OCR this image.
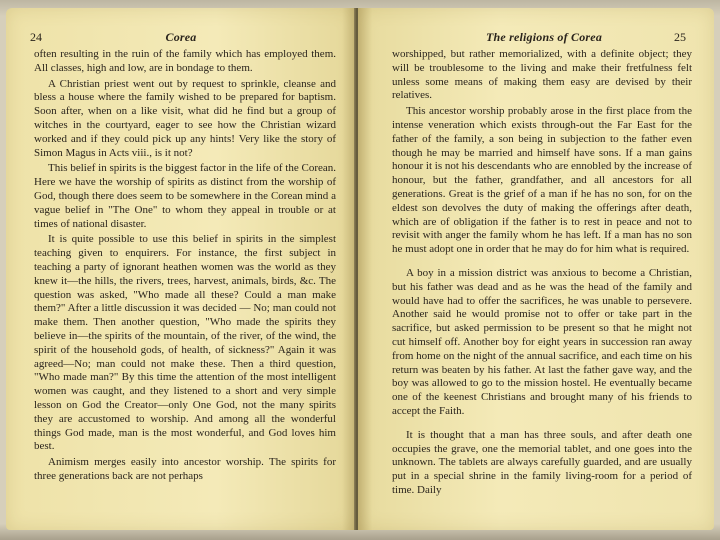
24	Corea

often resulting in the ruin of the family which has employed them. All classes, high and low, are in bondage to them.

A Christian priest went out by request to sprinkle, cleanse and bless a house where the family wished to be prepared for baptism. Soon after, when on a like visit, what did he find but a group of witches in the courtyard, eager to see how the Christian wizard worked and if they could pick up any hints! Very like the story of Simon Magus in Acts viii., is it not?

This belief in spirits is the biggest factor in the life of the Corean. Here we have the worship of spirits as distinct from the worship of God, though there does seem to be somewhere in the Corean mind a vague belief in "The One" to whom they appeal in trouble or at times of national disaster.

It is quite possible to use this belief in spirits in the simplest teaching given to enquirers. For instance, the first subject in teaching a party of ignorant heathen women was the world as they knew it—the hills, the rivers, trees, harvest, animals, birds, &c. The question was asked, "Who made all these? Could a man make them?" After a little discussion it was decided — No; man could not make them. Then another question, "Who made the spirits they believe in—the spirits of the mountain, of the river, of the wind, the spirit of the household gods, of health, of sickness?" Again it was agreed—No; man could not make these. Then a third question, "Who made man?" By this time the attention of the most intelligent women was caught, and they listened to a short and very simple lesson on God the Creator—only One God, not the many spirits they are accustomed to worship. And among all the wonderful things God made, man is the most wonderful, and God loves him best.

Animism merges easily into ancestor worship. The spirits for three generations back are not perhaps

The religions of Corea	25

worshipped, but rather memorialized, with a definite object; they will be troublesome to the living and make their fretfulness felt unless some means of making them easy are devised by their relatives.

This ancestor worship probably arose in the first place from the intense veneration which exists through-out the Far East for the father of the family, a son being in subjection to the father even though he may be married and himself have sons. If a man gains honour it is not his descendants who are ennobled by the increase of honour, but the father, grandfather, and all ancestors for all generations. Great is the grief of a man if he has no son, for on the eldest son devolves the duty of making the offerings after death, which are of obligation if the father is to rest in peace and not to revisit with anger the family whom he has left. If a man has no son he must adopt one in order that he may do for him what is required.

A boy in a mission district was anxious to become a Christian, but his father was dead and as he was the head of the family and would have had to offer the sacrifices, he was unable to persevere. Another said he would promise not to offer or take part in the sacrifice, but asked permission to be present so that he might not cut himself off. Another boy for eight years in succession ran away from home on the night of the annual sacrifice, and each time on his return was beaten by his father. At last the father gave way, and the boy was allowed to go to the mission hostel. He eventually became one of the keenest Christians and brought many of his friends to accept the Faith.

It is thought that a man has three souls, and after death one occupies the grave, one the memorial tablet, and one goes into the unknown. The tablets are always carefully guarded, and are usually put in a special shrine in the family living-room for a period of time. Daily
